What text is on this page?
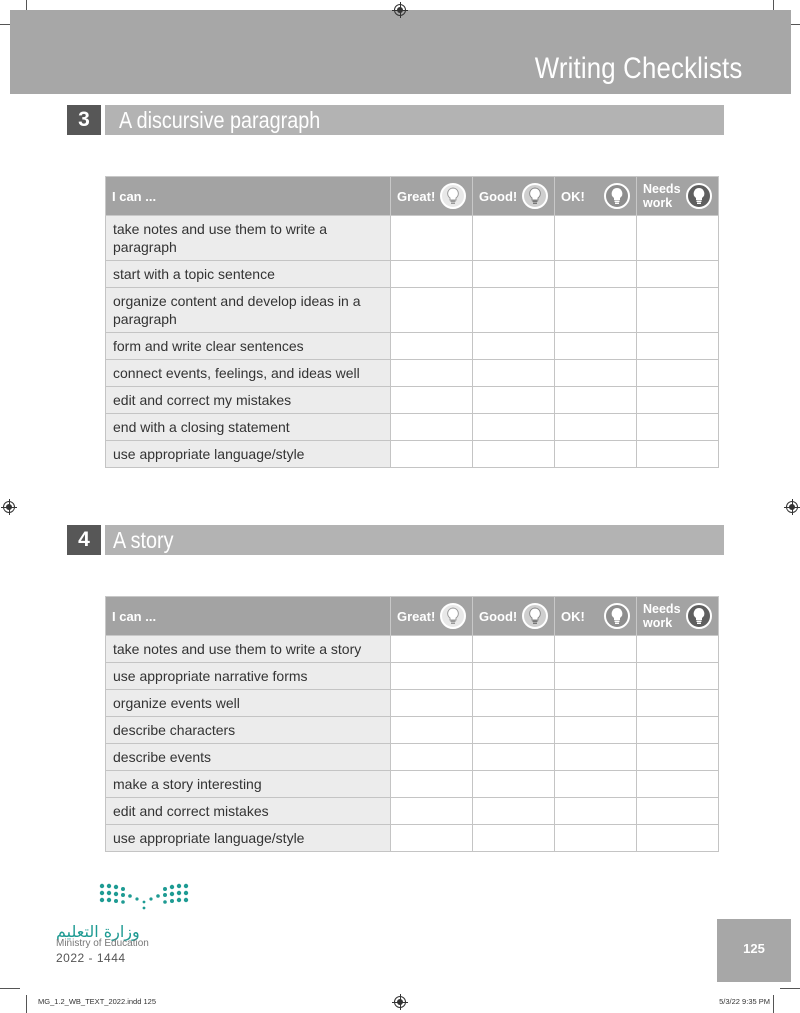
Writing Checklists
3	A discursive paragraph
I can ...	Great!	Good!	OK!	Needs
work

take notes and use them to write a paragraph				
start with a topic sentence				
organize content and develop ideas in a paragraph				
form and write clear sentences				
connect events, feelings, and ideas well				
edit and correct my mistakes				
end with a closing statement				
use appropriate language/style				
4	A story
I can ...	Great!	Good!	OK!	Needs
work

take notes and use them to write a story				
use appropriate narrative forms				
organize events well				
describe characters				
describe events				
make a story interesting				
edit and correct mistakes				
use appropriate language/style				
وزارة التعليم
Ministry of Education
2022 - 1444
125
MG_1.2_WB_TEXT_2022.indd 125	5/3/22 9:35 PM
